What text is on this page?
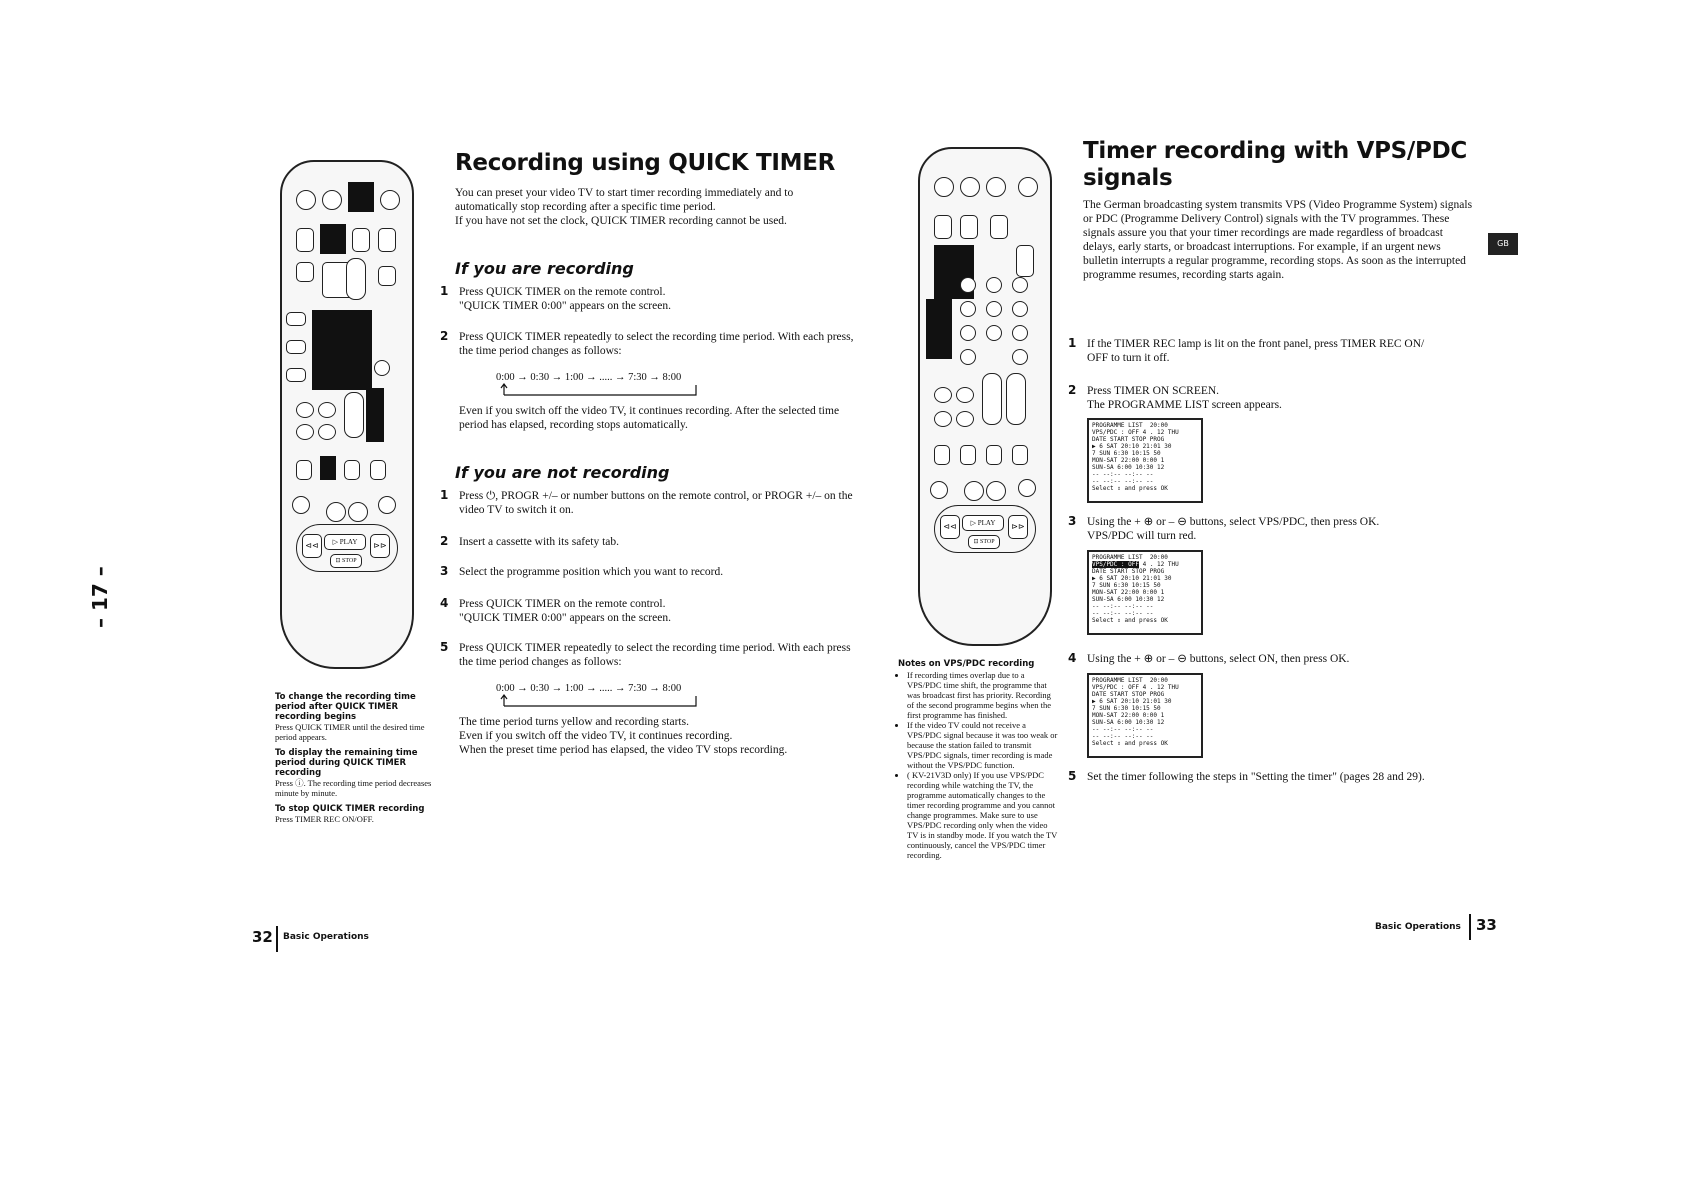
– 17 –
⊲⊲	▷ PLAY	⊳⊳
⊡ STOP
Recording using QUICK TIMER
You can preset your video TV to start timer recording immediately and to automatically stop recording after a specific time period.
If you have not set the clock, QUICK TIMER recording cannot be used.
If you are recording
1 Press QUICK TIMER on the remote control.
"QUICK TIMER 0:00" appears on the screen.
2 Press QUICK TIMER repeatedly to select the recording time period. With each press, the time period changes as follows:
0:00 → 0:30 → 1:00 → ..... → 7:30 → 8:00
Even if you switch off the video TV, it continues recording. After the selected time period has elapsed, recording stops automatically.
If you are not recording
1 Press ⏻, PROGR +/– or number buttons on the remote control, or PROGR +/– on the video TV to switch it on.
2 Insert a cassette with its safety tab.
3 Select the programme position which you want to record.
4 Press QUICK TIMER on the remote control.
"QUICK TIMER 0:00" appears on the screen.
5 Press QUICK TIMER repeatedly to select the recording time period. With each press the time period changes as follows:
0:00 → 0:30 → 1:00 → ..... → 7:30 → 8:00
The time period turns yellow and recording starts.
Even if you switch off the video TV, it continues recording.
When the preset time period has elapsed, the video TV stops recording.
To change the recording time period after QUICK TIMER recording begins
Press QUICK TIMER until the desired time period appears.
To display the remaining time period during QUICK TIMER recording
Press ⓘ. The recording time period decreases minute by minute.
To stop QUICK TIMER recording
Press TIMER REC ON/OFF.
32 Basic Operations
⊲⊲	▷ PLAY	⊳⊳
⊡ STOP
Timer recording with VPS/PDC
signals
The German broadcasting system transmits VPS (Video Programme System) signals or PDC (Programme Delivery Control) signals with the TV programmes. These signals assure you that your timer recordings are made regardless of broadcast delays, early starts, or broadcast interruptions. For example, if an urgent news bulletin interrupts a regular programme, recording stops. As soon as the interrupted programme resumes, recording starts again.
GB
1 If the TIMER REC lamp is lit on the front panel, press TIMER REC ON/
OFF to turn it off.
2 Press TIMER ON SCREEN.
The PROGRAMME LIST screen appears.
PROGRAMME LIST 20:00
VPS/PDC : OFF 4 . 12 THU
DATE START STOP PROG
▶ 6 SAT 20:10 21:01 30
7 SUN 6:30 10:15 50
MON-SAT 22:00 0:00 1
SUN-SA 6:00 10:30 12
-- --:-- --:-- --
-- --:-- --:-- --
Select ⇕ and press OK
3 Using the + ⊕ or – ⊖ buttons, select VPS/PDC, then press OK.
VPS/PDC will turn red.
PROGRAMME LIST 20:00
VPS/PDC : OFF 4 . 12 THU
DATE START STOP PROG
▶ 6 SAT 20:10 21:01 30
7 SUN 6:30 10:15 50
MON-SAT 22:00 0:00 1
SUN-SA 6:00 10:30 12
-- --:-- --:-- --
-- --:-- --:-- --
Select ⇕ and press OK
4 Using the + ⊕ or – ⊖ buttons, select ON, then press OK.
PROGRAMME LIST 20:00
VPS/PDC : OFF 4 . 12 THU
DATE START STOP PROG
▶ 6 SAT 20:10 21:01 30
7 SUN 6:30 10:15 50
MON-SAT 22:00 0:00 1
SUN-SA 6:00 10:30 12
-- --:-- --:-- --
-- --:-- --:-- --
Select ⇕ and press OK
5 Set the timer following the steps in "Setting the timer" (pages 28 and 29).
Notes on VPS/PDC recording
• If recording times overlap due to a VPS/PDC time shift, the programme that was broadcast first has priority. Recording of the second programme begins when the first programme has finished.
• If the video TV could not receive a VPS/PDC signal because it was too weak or because the station failed to transmit VPS/PDC signals, timer recording is made without the VPS/PDC function.
• ( KV-21V3D only) If you use VPS/PDC recording while watching the TV, the programme automatically changes to the timer recording programme and you cannot change programmes. Make sure to use VPS/PDC recording only when the video TV is in standby mode. If you watch the TV continuously, cancel the VPS/PDC timer recording.
Basic Operations 33
